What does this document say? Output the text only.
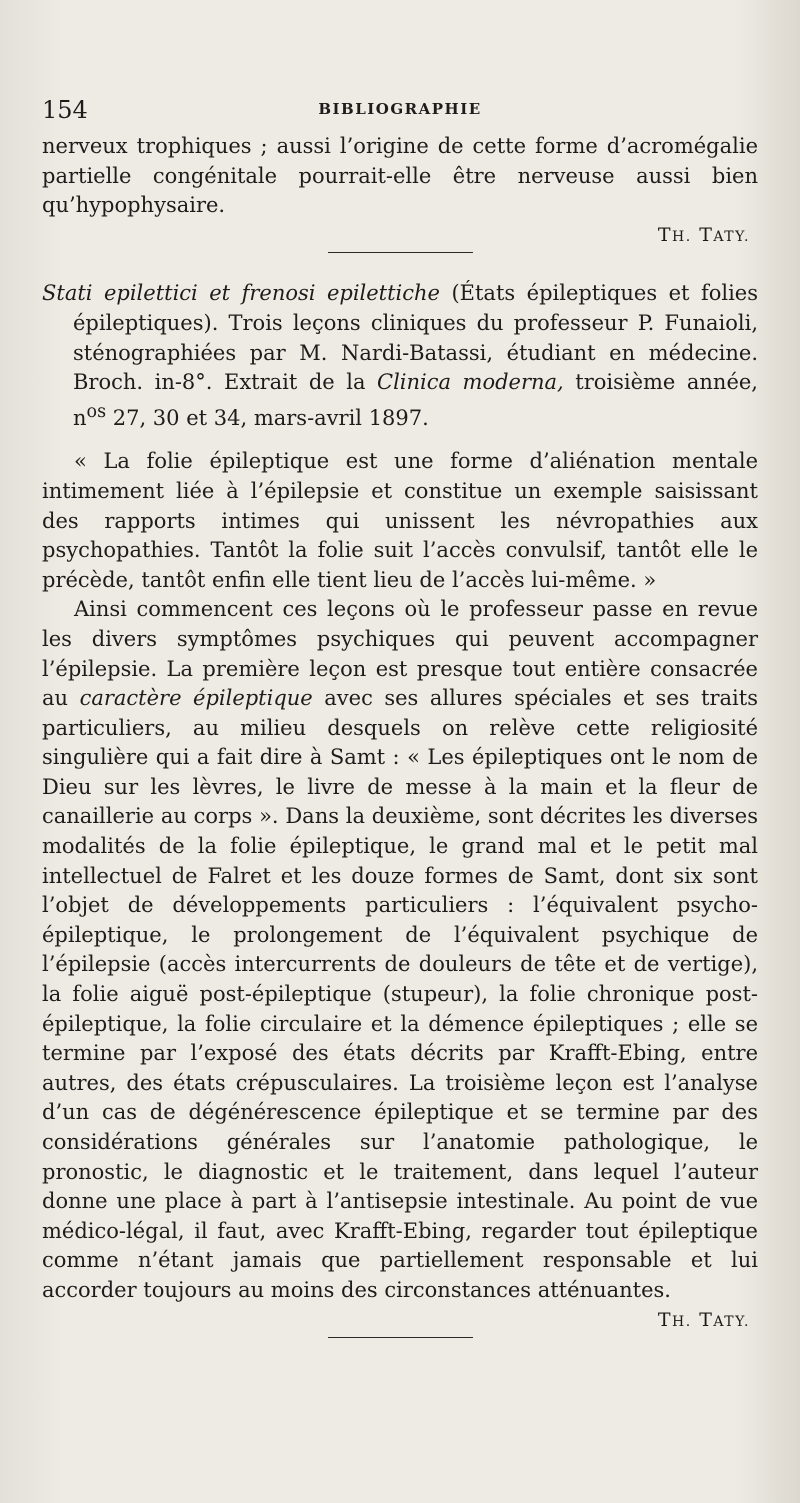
154	BIBLIOGRAPHIE

nerveux trophiques ; aussi l’origine de cette forme d’acromégalie partielle congénitale pourrait-elle être nerveuse aussi bien qu’hypophysaire.

TH. TATY.

Stati epilettici et frenosi epilettiche (États épileptiques et folies épileptiques). Trois leçons cliniques du professeur P. Funaioli, sténographiées par M. Nardi-Batassi, étudiant en médecine. Broch. in-8°. Extrait de la Clinica moderna, troisième année, $n^{os}$ 27, 30 et 34, mars-avril 1897.

« La folie épileptique est une forme d’aliénation mentale intimement liée à l’épilepsie et constitue un exemple saisissant des rapports intimes qui unissent les névropathies aux psychopathies. Tantôt la folie suit l’accès convulsif, tantôt elle le précède, tantôt enfin elle tient lieu de l’accès lui-même. »

Ainsi commencent ces leçons où le professeur passe en revue les divers symptômes psychiques qui peuvent accompagner l’épilepsie. La première leçon est presque tout entière consacrée au caractère épileptique avec ses allures spéciales et ses traits particuliers, au milieu desquels on relève cette religiosité singulière qui a fait dire à Samt : « Les épileptiques ont le nom de Dieu sur les lèvres, le livre de messe à la main et la fleur de canaillerie au corps ». Dans la deuxième, sont décrites les diverses modalités de la folie épileptique, le grand mal et le petit mal intellectuel de Falret et les douze formes de Samt, dont six sont l’objet de développements particuliers : l’équivalent psycho-épileptique, le prolongement de l’équivalent psychique de l’épilepsie (accès intercurrents de douleurs de tête et de vertige), la folie aiguë post-épileptique (stupeur), la folie chronique post-épileptique, la folie circulaire et la démence épileptiques ; elle se termine par l’exposé des états décrits par Krafft-Ebing, entre autres, des états crépusculaires. La troisième leçon est l’analyse d’un cas de dégénérescence épileptique et se termine par des considérations générales sur l’anatomie pathologique, le pronostic, le diagnostic et le traitement, dans lequel l’auteur donne une place à part à l’antisepsie intestinale. Au point de vue médico-légal, il faut, avec Krafft-Ebing, regarder tout épileptique comme n’étant jamais que partiellement responsable et lui accorder toujours au moins des circonstances atténuantes.

TH. TATY.
